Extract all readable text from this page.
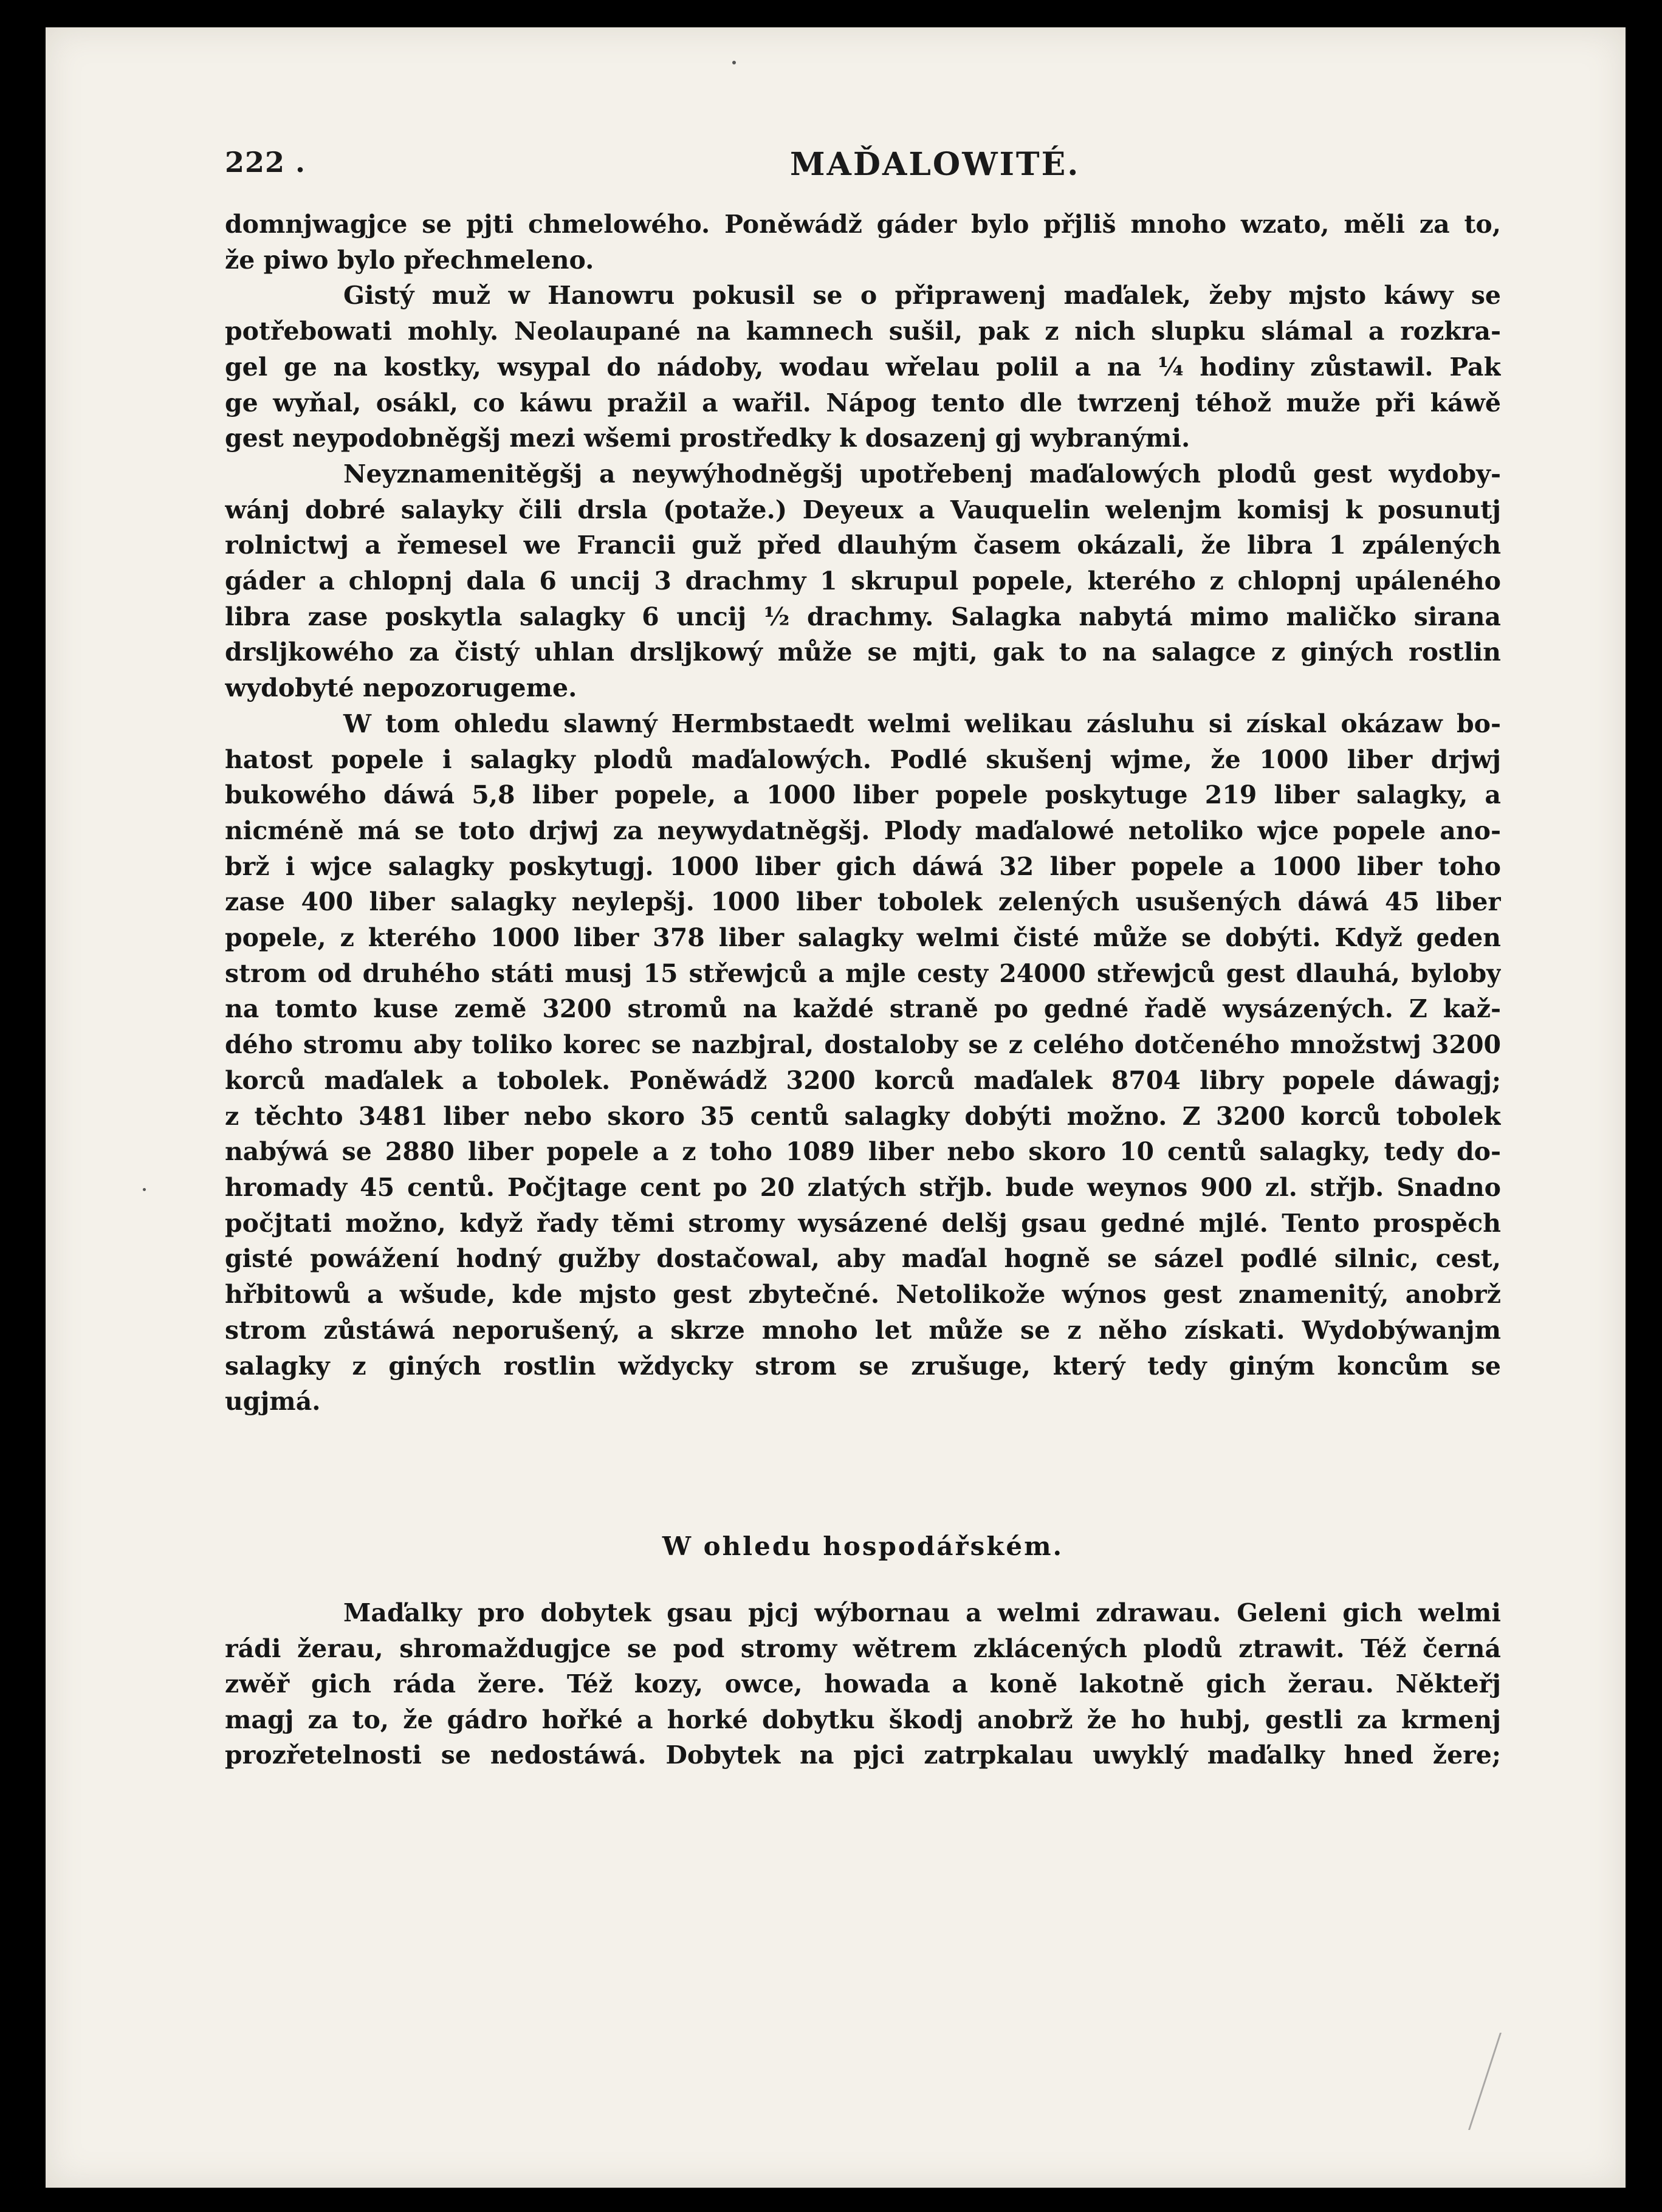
222 .	MAĎALOWITÉ.
domnjwagjce se pjti chmelowého. Poněwádž gáder bylo přjliš mnoho wzato, měli za to,
že piwo bylo přechmeleno.
Gistý muž w Hanowru pokusil se o připrawenj maďalek, žeby mjsto káwy se
potřebowati mohly. Neolaupané na kamnech sušil, pak z nich slupku slámal a rozkra-
gel ge na kostky, wsypal do nádoby, wodau wřelau polil a na ¼ hodiny zůstawil. Pak
ge wyňal, osákl, co káwu pražil a wařil. Nápog tento dle twrzenj téhož muže při káwě
gest neypodobněgšj mezi wšemi prostředky k dosazenj gj wybranými.
Neyznamenitěgšj a neywýhodněgšj upotřebenj maďalowých plodů gest wydoby-
wánj dobré salayky čili drsla (potaže.) Deyeux a Vauquelin welenjm komisj k posunutj
rolnictwj a řemesel we Francii guž před dlauhým časem okázali, že libra 1 zpálených
gáder a chlopnj dala 6 uncij 3 drachmy 1 skrupul popele, kterého z chlopnj upáleného
libra zase poskytla salagky 6 uncij ½ drachmy. Salagka nabytá mimo maličko sirana
drsljkowého za čistý uhlan drsljkowý může se mjti, gak to na salagce z giných rostlin
wydobyté nepozorugeme.
W tom ohledu slawný Hermbstaedt welmi welikau zásluhu si získal okázaw bo-
hatost popele i salagky plodů maďalowých. Podlé skušenj wjme, že 1000 liber drjwj
bukowého dáwá 5,8 liber popele, a 1000 liber popele poskytuge 219 liber salagky, a
nicméně má se toto drjwj za neywydatněgšj. Plody maďalowé netoliko wjce popele ano-
brž i wjce salagky poskytugj. 1000 liber gich dáwá 32 liber popele a 1000 liber toho
zase 400 liber salagky neylepšj. 1000 liber tobolek zelených usušených dáwá 45 liber
popele, z kterého 1000 liber 378 liber salagky welmi čisté může se dobýti. Když geden
strom od druhého státi musj 15 střewjců a mjle cesty 24000 střewjců gest dlauhá, byloby
na tomto kuse země 3200 stromů na každé straně po gedné řadě wysázených. Z kaž-
dého stromu aby toliko korec se nazbjral, dostaloby se z celého dotčeného množstwj 3200
korců maďalek a tobolek. Poněwádž 3200 korců maďalek 8704 libry popele dáwagj;
z těchto 3481 liber nebo skoro 35 centů salagky dobýti možno. Z 3200 korců tobolek
nabýwá se 2880 liber popele a z toho 1089 liber nebo skoro 10 centů salagky, tedy do-
hromady 45 centů. Počjtage cent po 20 zlatých střjb. bude weynos 900 zl. střjb. Snadno
počjtati možno, když řady těmi stromy wysázené delšj gsau gedné mjlé. Tento prospěch
gisté powážení hodný gužby dostačowal, aby maďal hogně se sázel podlé silnic, cest,
hřbitowů a wšude, kde mjsto gest zbytečné. Netolikože wýnos gest znamenitý, anobrž
strom zůstáwá neporušený, a skrze mnoho let může se z něho získati. Wydobýwanjm
salagky z giných rostlin wždycky strom se zrušuge, který tedy giným koncům se
ugjmá.
W ohledu hospodářském.
Maďalky pro dobytek gsau pjcj wýbornau a welmi zdrawau. Geleni gich welmi
rádi žerau, shromaždugjce se pod stromy wětrem zklácených plodů ztrawit. Též černá
zwěř gich ráda žere. Též kozy, owce, howada a koně lakotně gich žerau. Někteřj
magj za to, že gádro hořké a horké dobytku škodj anobrž že ho hubj, gestli za krmenj
prozřetelnosti se nedostáwá. Dobytek na pjci zatrpkalau uwyklý maďalky hned žere;
